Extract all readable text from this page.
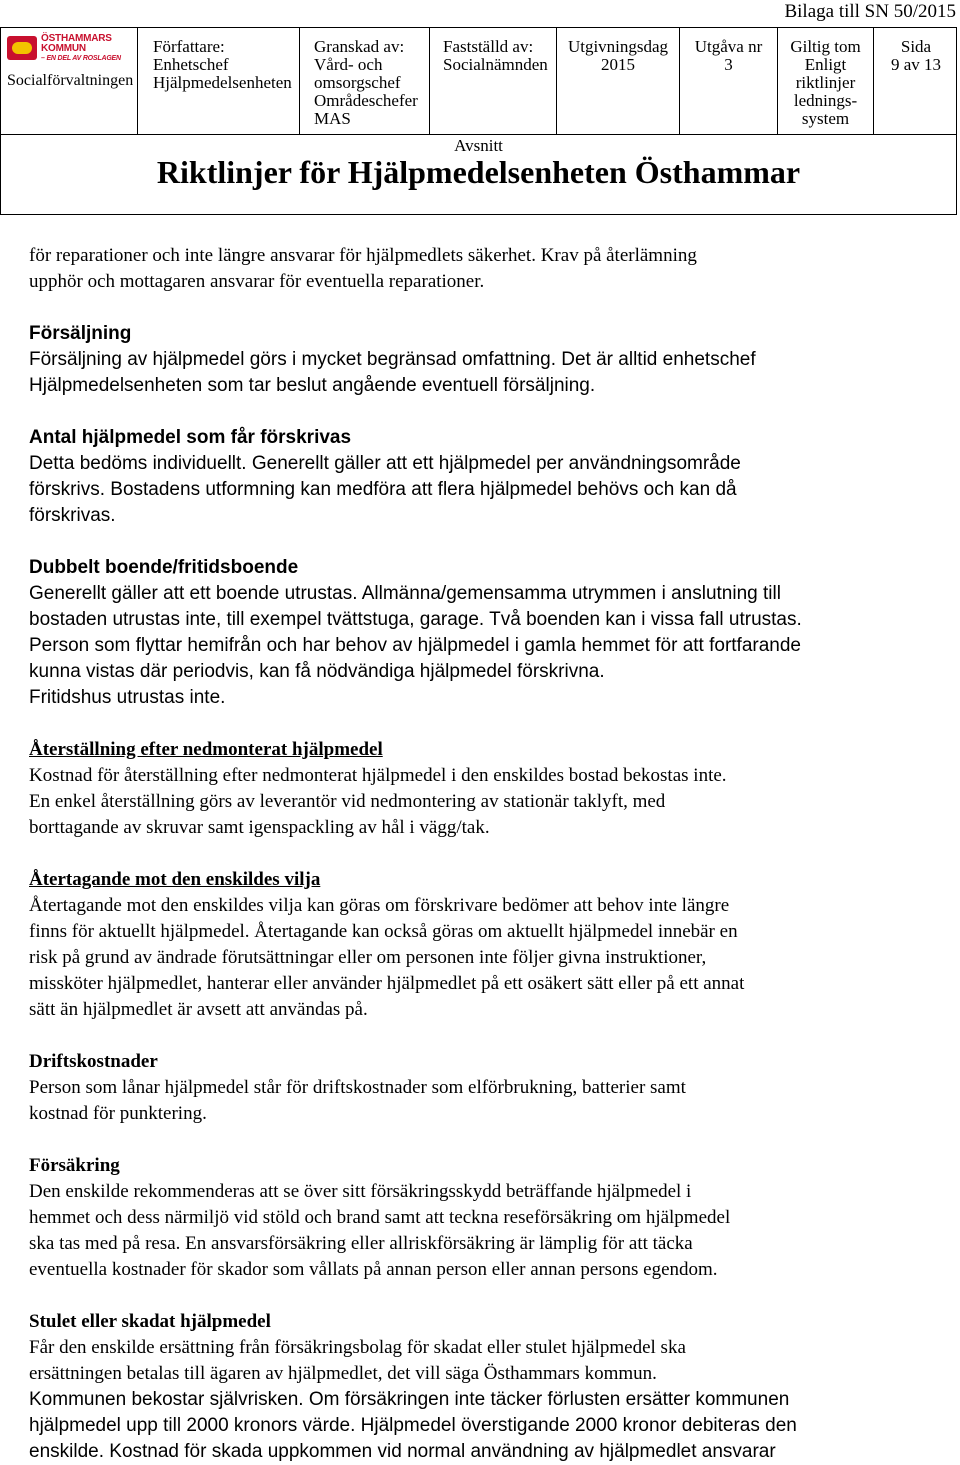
Bilaga till SN 50/2015
ÖSTHAMMARS
KOMMUN
– EN DEL AV ROSLAGEN
Socialförvaltningen
Författare:
Enhetschef
Hjälpmedelsenheten
Granskad av:
Vård- och
omsorgschef
Områdeschefer
MAS
Fastställd av:
Socialnämnden
Utgivningsdag
2015
Utgåva nr
3
Giltig tom
Enligt
riktlinjer
lednings-
system
Sida
9 av 13
Avsnitt
Riktlinjer för Hjälpmedelsenheten Östhammar

för reparationer och inte längre ansvarar för hjälpmedlets säkerhet. Krav på återlämning

upphör och mottagaren ansvarar för eventuella reparationer.

Försäljning

Försäljning av hjälpmedel görs i mycket begränsad omfattning. Det är alltid enhetschef

Hjälpmedelsenheten som tar beslut angående eventuell försäljning.

Antal hjälpmedel som får förskrivas

Detta bedöms individuellt. Generellt gäller att ett hjälpmedel per användningsområde

förskrivs. Bostadens utformning kan medföra att flera hjälpmedel behövs och kan då

förskrivas.

Dubbelt boende/fritidsboende

Generellt gäller att ett boende utrustas. Allmänna/gemensamma utrymmen i anslutning till

bostaden utrustas inte, till exempel tvättstuga, garage. Två boenden kan i vissa fall utrustas.

Person som flyttar hemifrån och har behov av hjälpmedel i gamla hemmet för att fortfarande

kunna vistas där periodvis, kan få nödvändiga hjälpmedel förskrivna.

Fritidshus utrustas inte.

Återställning efter nedmonterat hjälpmedel

Kostnad för återställning efter nedmonterat hjälpmedel i den enskildes bostad bekostas inte.

En enkel återställning görs av leverantör vid nedmontering av stationär taklyft, med

borttagande av skruvar samt igenspackling av hål i vägg/tak.

Återtagande mot den enskildes vilja

Återtagande mot den enskildes vilja kan göras om förskrivare bedömer att behov inte längre

finns för aktuellt hjälpmedel. Återtagande kan också göras om aktuellt hjälpmedel innebär en

risk på grund av ändrade förutsättningar eller om personen inte följer givna instruktioner,

missköter hjälpmedlet, hanterar eller använder hjälpmedlet på ett osäkert sätt eller på ett annat

sätt än hjälpmedlet är avsett att användas på.

Driftskostnader

Person som lånar hjälpmedel står för driftskostnader som elförbrukning, batterier samt

kostnad för punktering.

Försäkring

Den enskilde rekommenderas att se över sitt försäkringsskydd beträffande hjälpmedel i

hemmet och dess närmiljö vid stöld och brand samt att teckna reseförsäkring om hjälpmedel

ska tas med på resa. En ansvarsförsäkring eller allriskförsäkring är lämplig för att täcka

eventuella kostnader för skador som vållats på annan person eller annan persons egendom.

Stulet eller skadat hjälpmedel

Får den enskilde ersättning från försäkringsbolag för skadat eller stulet hjälpmedel ska

ersättningen betalas till ägaren av hjälpmedlet, det vill säga Östhammars kommun.

Kommunen bekostar självrisken. Om försäkringen inte täcker förlusten ersätter kommunen

hjälpmedel upp till 2000 kronors värde. Hjälpmedel överstigande 2000 kronor debiteras den

enskilde. Kostnad för skada uppkommen vid normal användning av hjälpmedlet ansvarar
